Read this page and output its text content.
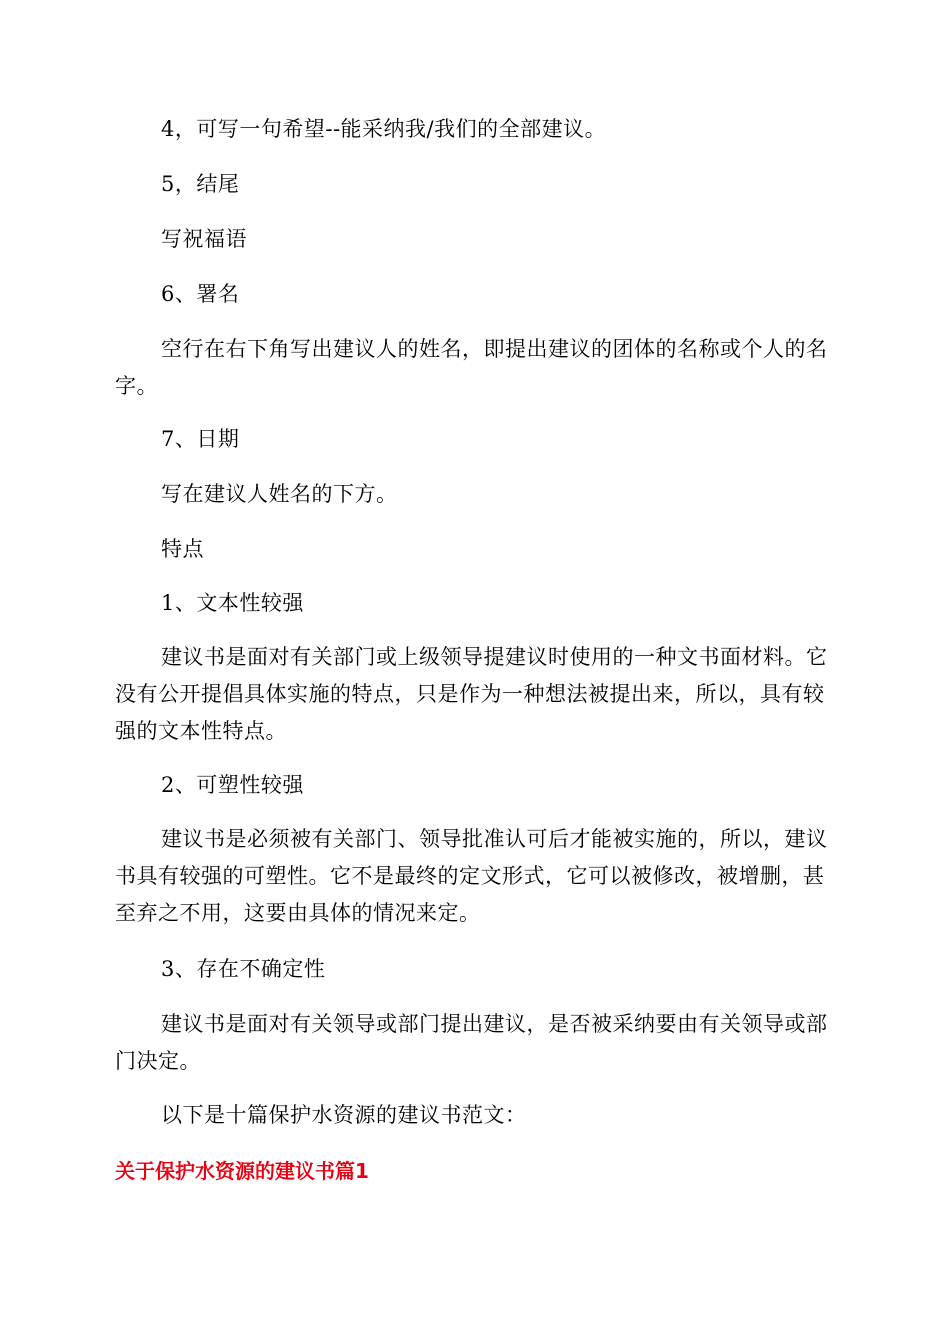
4，可写一句希望--能采纳我/我们的全部建议。

5，结尾

写祝福语

6、署名

空行在右下角写出建议人的姓名，即提出建议的团体的名称或个人的名字。

7、日期

写在建议人姓名的下方。

特点

1、文本性较强

建议书是面对有关部门或上级领导提建议时使用的一种文书面材料。它没有公开提倡具体实施的特点，只是作为一种想法被提出来，所以，具有较强的文本性特点。

2、可塑性较强

建议书是必须被有关部门、领导批准认可后才能被实施的，所以，建议书具有较强的可塑性。它不是最终的定文形式，它可以被修改，被增删，甚至弃之不用，这要由具体的情况来定。

3、存在不确定性

建议书是面对有关领导或部门提出建议，是否被采纳要由有关领导或部门决定。

以下是十篇保护水资源的建议书范文：

关于保护水资源的建议书篇1
